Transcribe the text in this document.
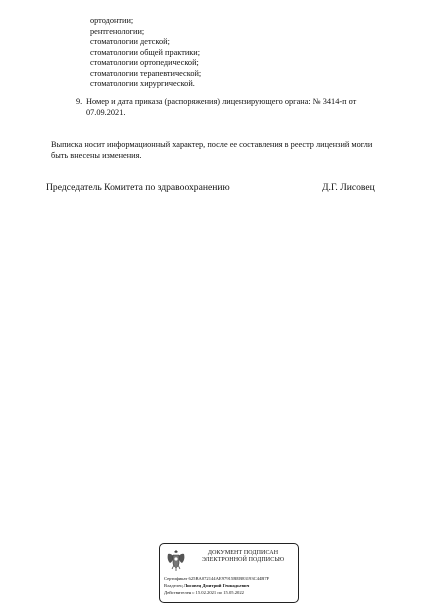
ортодонтии;
рентгенологии;
стоматологии детской;
стоматологии общей практики;
стоматологии ортопедической;
стоматологии терапевтической;
стоматологии хирургической.
9. Номер и дата приказа (распоряжения) лицензирующего органа: № 3414-п от 07.09.2021.
Выписка носит информационный характер, после ее составления в реестр лицензий могли быть внесены изменения.
Председатель Комитета по здравоохранению	Д.Г. Лисовец
ДОКУМЕНТ ПОДПИСАН
ЭЛЕКТРОННОЙ ПОДПИСЬЮ
Сертификат 625BA072144AE97915BEB83193C44B7F
Владелец Лисовец Дмитрий Геннадьевич
Действителен с 15.02.2021 по 15.05.2022
